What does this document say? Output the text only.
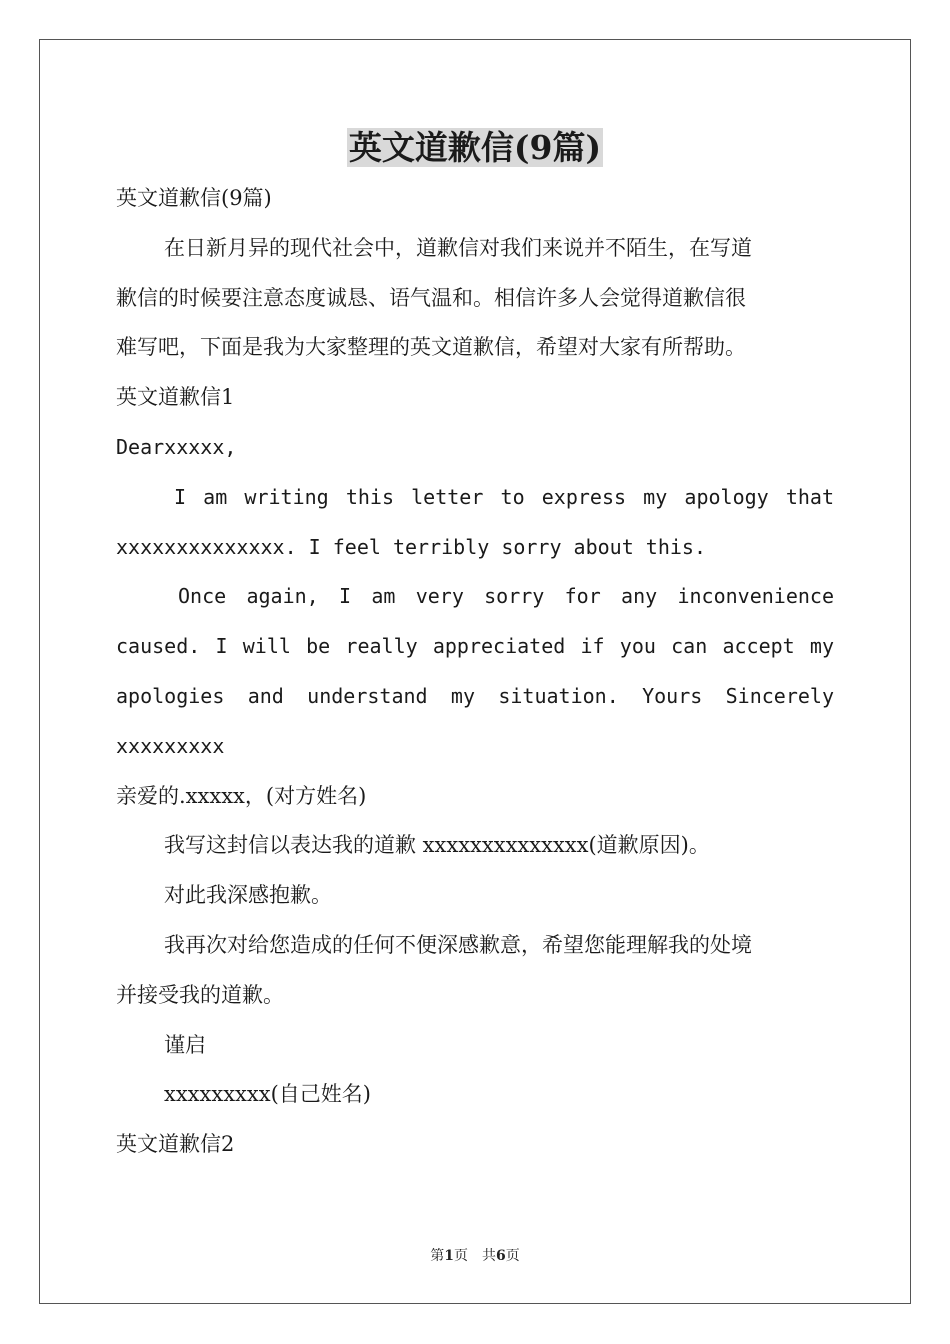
英文道歉信(9篇)

英文道歉信(9篇)

在日新月异的现代社会中，道歉信对我们来说并不陌生，在写道

歉信的时候要注意态度诚恳、语气温和。相信许多人会觉得道歉信很

难写吧，下面是我为大家整理的英文道歉信，希望对大家有所帮助。

英文道歉信1

Dearxxxxx,

I am writing this letter to express my apology that

xxxxxxxxxxxxxx. I feel terribly sorry about this.

Once again, I am very sorry for any inconvenience

caused. I will be really appreciated if you can accept my

apologies and understand my situation. Yours Sincerely

xxxxxxxxx

亲爱的.xxxxx，(对方姓名)

我写这封信以表达我的道歉 xxxxxxxxxxxxxx(道歉原因)。

对此我深感抱歉。

我再次对给您造成的任何不便深感歉意，希望您能理解我的处境

并接受我的道歉。

谨启

xxxxxxxxx(自己姓名)

英文道歉信2

第1页 共6页
